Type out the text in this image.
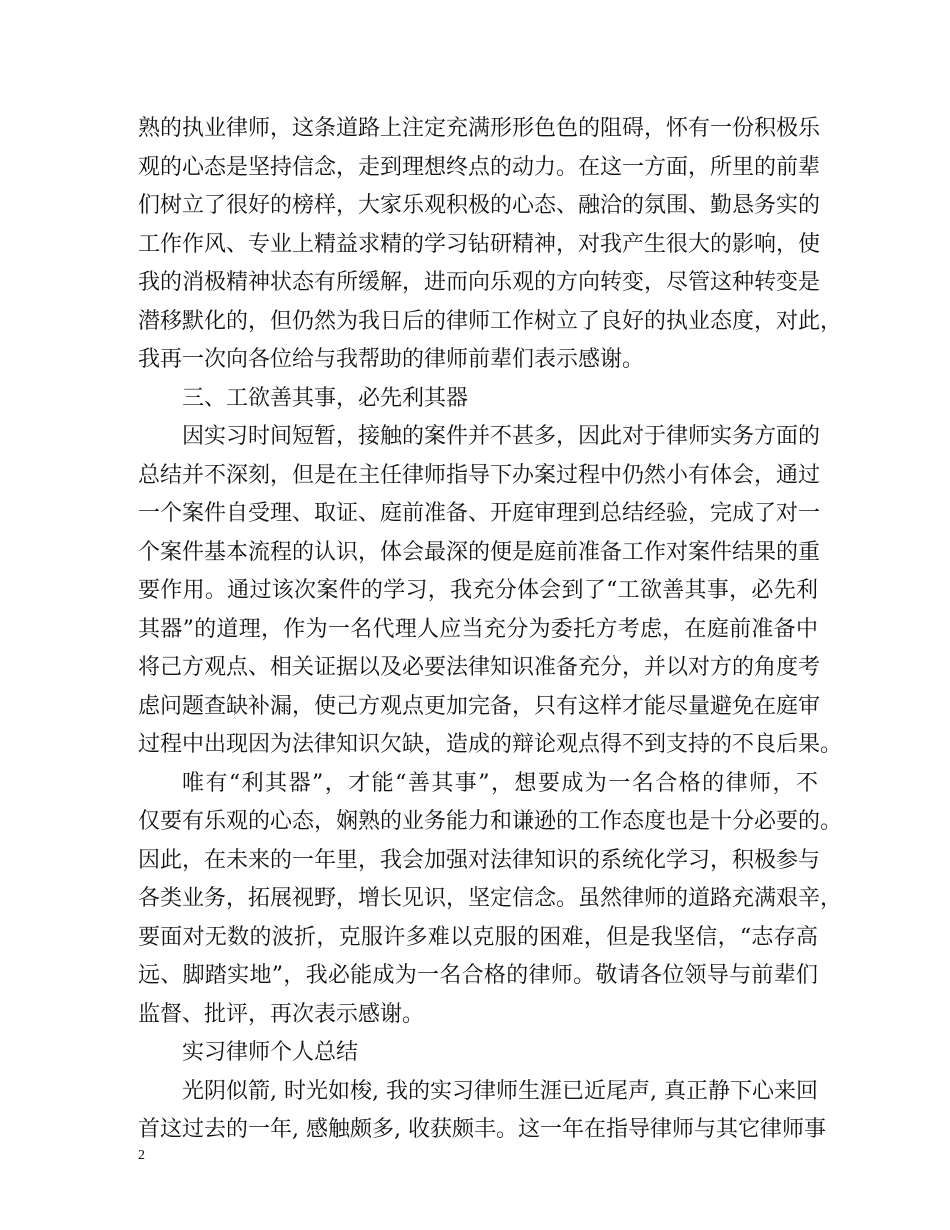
熟的执业律师，这条道路上注定充满形形色色的阻碍，怀有一份积极乐
观的心态是坚持信念，走到理想终点的动力。在这一方面，所里的前辈
们树立了很好的榜样，大家乐观积极的心态、融洽的氛围、勤恳务实的
工作作风、专业上精益求精的学习钻研精神，对我产生很大的影响，使
我的消极精神状态有所缓解，进而向乐观的方向转变，尽管这种转变是
潜移默化的，但仍然为我日后的律师工作树立了良好的执业态度，对此，
我再一次向各位给与我帮助的律师前辈们表示感谢。
三、工欲善其事，必先利其器
因实习时间短暂，接触的案件并不甚多，因此对于律师实务方面的
总结并不深刻，但是在主任律师指导下办案过程中仍然小有体会，通过
一个案件自受理、取证、庭前准备、开庭审理到总结经验，完成了对一
个案件基本流程的认识，体会最深的便是庭前准备工作对案件结果的重
要作用。通过该次案件的学习，我充分体会到了“工欲善其事，必先利
其器”的道理，作为一名代理人应当充分为委托方考虑，在庭前准备中
将己方观点、相关证据以及必要法律知识准备充分，并以对方的角度考
虑问题查缺补漏，使己方观点更加完备，只有这样才能尽量避免在庭审
过程中出现因为法律知识欠缺，造成的辩论观点得不到支持的不良后果。
唯有“利其器”，才能“善其事”，想要成为一名合格的律师，不
仅要有乐观的心态，娴熟的业务能力和谦逊的工作态度也是十分必要的。
因此，在未来的一年里，我会加强对法律知识的系统化学习，积极参与
各类业务，拓展视野，增长见识，坚定信念。虽然律师的道路充满艰辛，
要面对无数的波折，克服许多难以克服的困难，但是我坚信，“志存高
远、脚踏实地”，我必能成为一名合格的律师。敬请各位领导与前辈们
监督、批评，再次表示感谢。
实习律师个人总结
光阴似箭, 时光如梭, 我的实习律师生涯已近尾声, 真正静下心来回
首这过去的一年, 感触颇多, 收获颇丰。这一年在指导律师与其它律师事
2
